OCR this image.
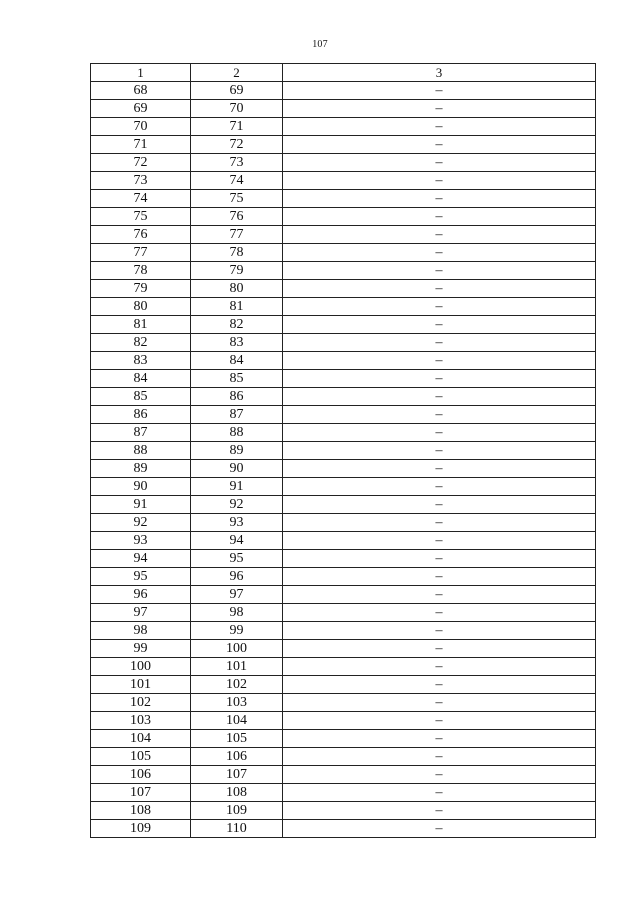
107
1	2	3
68	69	–
69	70	–
70	71	–
71	72	–
72	73	–
73	74	–
74	75	–
75	76	–
76	77	–
77	78	–
78	79	–
79	80	–
80	81	–
81	82	–
82	83	–
83	84	–
84	85	–
85	86	–
86	87	–
87	88	–
88	89	–
89	90	–
90	91	–
91	92	–
92	93	–
93	94	–
94	95	–
95	96	–
96	97	–
97	98	–
98	99	–
99	100	–
100	101	–
101	102	–
102	103	–
103	104	–
104	105	–
105	106	–
106	107	–
107	108	–
108	109	–
109	110	–
